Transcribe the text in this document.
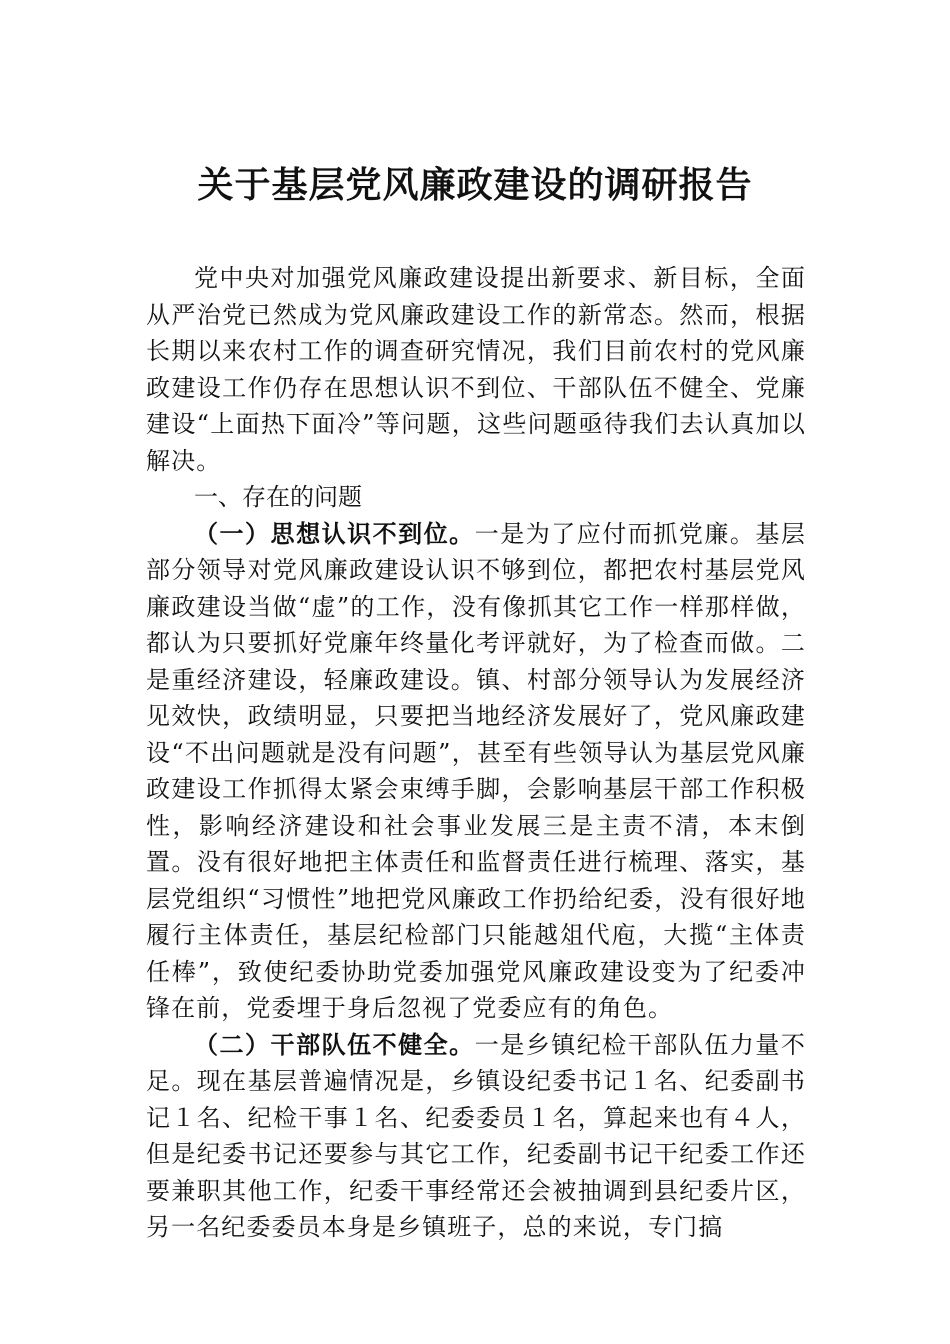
关于基层党风廉政建设的调研报告

党中央对加强党风廉政建设提出新要求、新目标，全面从严治党已然成为党风廉政建设工作的新常态。然而，根据长期以来农村工作的调查研究情况，我们目前农村的党风廉政建设工作仍存在思想认识不到位、干部队伍不健全、党廉建设“上面热下面冷”等问题，这些问题亟待我们去认真加以解决。

一、存在的问题

（一）思想认识不到位。一是为了应付而抓党廉。基层部分领导对党风廉政建设认识不够到位，都把农村基层党风廉政建设当做“虚”的工作，没有像抓其它工作一样那样做，都认为只要抓好党廉年终量化考评就好，为了检查而做。二是重经济建设，轻廉政建设。镇、村部分领导认为发展经济见效快，政绩明显，只要把当地经济发展好了，党风廉政建设“不出问题就是没有问题”，甚至有些领导认为基层党风廉政建设工作抓得太紧会束缚手脚，会影响基层干部工作积极性，影响经济建设和社会事业发展三是主责不清，本末倒置。没有很好地把主体责任和监督责任进行梳理、落实，基层党组织“习惯性”地把党风廉政工作扔给纪委，没有很好地履行主体责任，基层纪检部门只能越俎代庖，大揽“主体责任棒”，致使纪委协助党委加强党风廉政建设变为了纪委冲锋在前，党委埋于身后忽视了党委应有的角色。

（二）干部队伍不健全。一是乡镇纪检干部队伍力量不足。现在基层普遍情况是，乡镇设纪委书记１名、纪委副书记１名、纪检干事１名、纪委委员１名，算起来也有４人，但是纪委书记还要参与其它工作，纪委副书记干纪委工作还要兼职其他工作，纪委干事经常还会被抽调到县纪委片区，另一名纪委委员本身是乡镇班子，总的来说，专门搞
